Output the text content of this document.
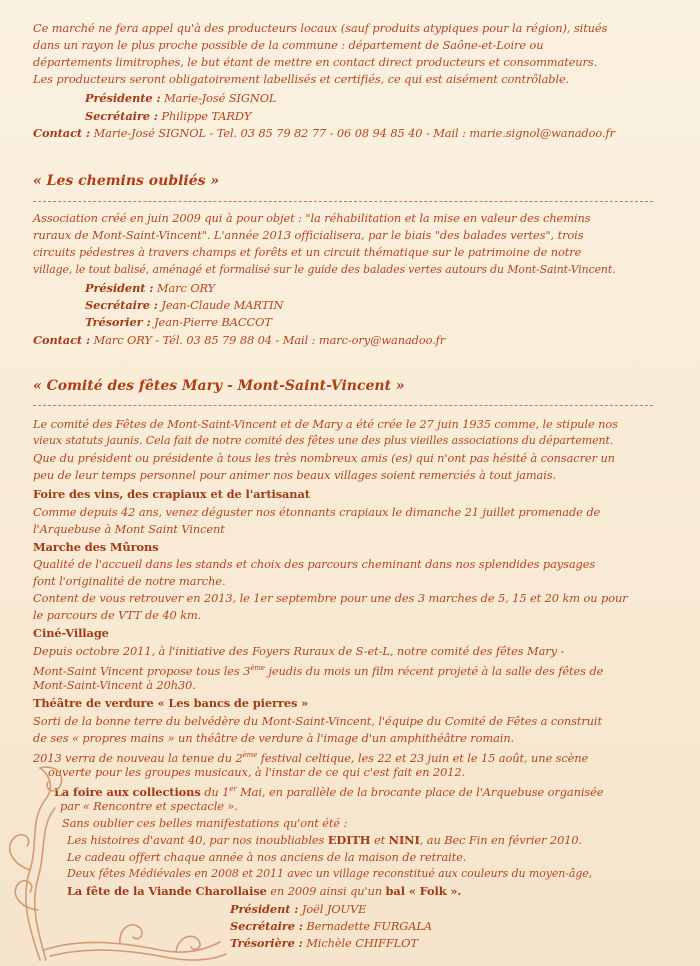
Ce marché ne fera appel qu'à des producteurs locaux (sauf produits atypiques pour la région), situés
dans un rayon le plus proche possible de la commune : département de Saône-et-Loire ou
départements limitrophes, le but étant de mettre en contact direct producteurs et consommateurs.
Les producteurs seront obligatoirement labellisés et certifiés, ce qui est aisément contrôlable.
Présidente : Marie-José SIGNOL
Secrétaire : Philippe TARDY
Contact : Marie-José SIGNOL - Tel. 03 85 79 82 77 - 06 08 94 85 40 - Mail : marie.signol@wanadoo.fr
« Les chemins oubliés »
Association créé en juin 2009 qui à pour objet : "la réhabilitation et la mise en valeur des chemins
ruraux de Mont-Saint-Vincent". L'année 2013 officialisera, par le biais "des balades vertes", trois
circuits pédestres à travers champs et forêts et un circuit thématique sur le patrimoine de notre
village, le tout balisé, aménagé et formalisé sur le guide des balades vertes autours du Mont-Saint-Vincent.
Président : Marc ORY
Secrétaire : Jean-Claude MARTIN
Trésorier : Jean-Pierre BACCOT
Contact : Marc ORY - Tél. 03 85 79 88 04 - Mail : marc-ory@wanadoo.fr
« Comité des fêtes Mary - Mont-Saint-Vincent »
Le comité des Fêtes de Mont-Saint-Vincent et de Mary a été crée le 27 juin 1935 comme, le stipule nos
vieux statuts jaunis. Cela fait de notre comité des fêtes une des plus vieilles associations du département.
Que du président ou présidente à tous les très nombreux amis (es) qui n'ont pas hésité à consacrer un
peu de leur temps personnel pour animer nos beaux villages soient remerciés à tout jamais.
Foire des vins, des crapiaux et de l'artisanat
Comme depuis 42 ans, venez déguster nos étonnants crapiaux le dimanche 21 juillet promenade de
l'Arquebuse à Mont Saint Vincent
Marche des Mûrons
Qualité de l'accueil dans les stands et choix des parcours cheminant dans nos splendides paysages
font l'originalité de notre marche.
Content de vous retrouver en 2013, le 1er septembre pour une des 3 marches de 5, 15 et 20 km ou pour
le parcours de VTT de 40 km.
Ciné-Village
Depuis octobre 2011, à l'initiative des Foyers Ruraux de S-et-L, notre comité des fêtes Mary -
Mont-Saint Vincent propose tous les 3ème jeudis du mois un film récent projeté à la salle des fêtes de
Mont-Saint-Vincent à 20h30.
Théâtre de verdure « Les bancs de pierres »
Sorti de la bonne terre du belvédère du Mont-Saint-Vincent, l'équipe du Comité de Fêtes a construit
de ses « propres mains » un théâtre de verdure à l'image d'un amphithéâtre romain.
2013 verra de nouveau la tenue du 2ème festival celtique, les 22 et 23 juin et le 15 août, une scène
ouverte pour les groupes musicaux, à l'instar de ce qui c'est fait en 2012.
La foire aux collections du 1er Mai, en parallèle de la brocante place de l'Arquebuse organisée
par « Rencontre et spectacle ».
Sans oublier ces belles manifestations qu'ont été :
Les histoires d'avant 40, par nos inoubliables EDITH et NINI, au Bec Fin en février 2010.
Le cadeau offert chaque année à nos anciens de la maison de retraite.
Deux fêtes Médiévales en 2008 et 2011 avec un village reconstitué aux couleurs du moyen-âge,
La fête de la Viande Charollaise en 2009 ainsi qu'un bal « Folk ».
Président : Joël JOUVE
Secrétaire : Bernadette FURGALA
Trésorière : Michèle CHIFFLOT
